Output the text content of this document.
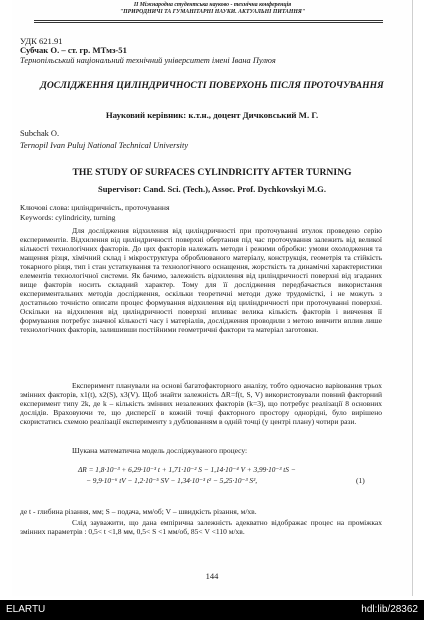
II Міжнародна студентська науково - технічна конференція
"ПРИРОДНИЧІ ТА ГУМАНІТАРНІ НАУКИ. АКТУАЛЬНІ ПИТАННЯ"
УДК 621.91
Субчак О. – ст. гр. МТмз-51
Тернопільський національний технічний університет імені Івана Пулюя
ДОСЛІДЖЕННЯ ЦИЛІНДРИЧНОСТІ ПОВЕРХОНЬ ПІСЛЯ ПРОТОЧУВАННЯ
Науковий керівник: к.т.н., доцент Дичковський М. Г.
Subchak O.
Ternopil Ivan Puluj National Technical University
THE STUDY OF SURFACES CYLINDRICITY AFTER TURNING
Supervisor: Cand. Sci. (Tech.), Assoc. Prof. Dychkovskyi M.G.
Ключові слова: циліндричність, проточування
Keywords: cylindricity, turning

Для дослідження відхилення від циліндричності при проточуванні втулок проведено серію експериментів. Відхилення від циліндричності поверхні обертання під час проточування залежить від великої кількості технологічних факторів. До цих факторів належать методи і режими обробки: умови охолодження та мащення різця, хімічний склад і мікроструктура оброблюваного матеріалу, конструкція, геометрія та стійкість токарного різця, тип і стан устаткування та технологічного оснащення, жорсткість та динамічні характеристики елементів технологічної системи. Як бачимо, залежність відхилення від циліндричності поверхні від згаданих вище факторів носить складний характер. Тому для її дослідження передбачається використання експериментальних методів дослідження, оскільки теоретичні методи дуже трудомісткі, і не можуть з достатньою точністю описати процес формування відхилення від циліндричності при проточуванні поверхні. Оскільки на відхилення від циліндричності поверхні впливає велика кількість факторів і вивчення її формування потребує значної кількості часу і матеріалів, дослідження проводили з метою вивчити вплив лише технологічних факторів, залишивши постійними геометричні фактори та матеріал заготовки.

Експеримент планували на основі багатофакторного аналізу, тобто одночасно варіювання трьох змінних факторів, x1(t), x2(S), x3(V). Щоб знайти залежність ΔR=f(t, S, V) використовували повний факторний експеримент типу 2k, де k – кількість змінних незалежних факторів (k=3), що потребує реалізації 8 основних дослідів. Враховуючи те, що дисперсії в кожній точці факторного простору однорідні, було вирішено скористатись схемою реалізації експерименту з дублюванням в одній точці (у центрі плану) чотири рази.

Шукана математична модель досліджуваного процесу:

ΔR = 1,8·10⁻³ + 6,29·10⁻³ t + 1,71·10⁻² S − 1,14·10⁻⁴ V + 3,99·10⁻³ tS −
− 9,9·10⁻⁶ tV − 1,2·10⁻⁵ SV − 1,34·10⁻³ t² − 5,25·10⁻³ S²,	(1)

де t - глибина різання, мм; S – подача, мм/об; V – швидкість різання, м/хв.

Слід зауважити, що дана емпірична залежність адекватно відображає процес на проміжках змінних параметрів : 0,5< t <1,8 мм, 0,5< S <1 мм/об, 85< V <110 м/хв.

144
ELARTU	hdl:lib/28362
